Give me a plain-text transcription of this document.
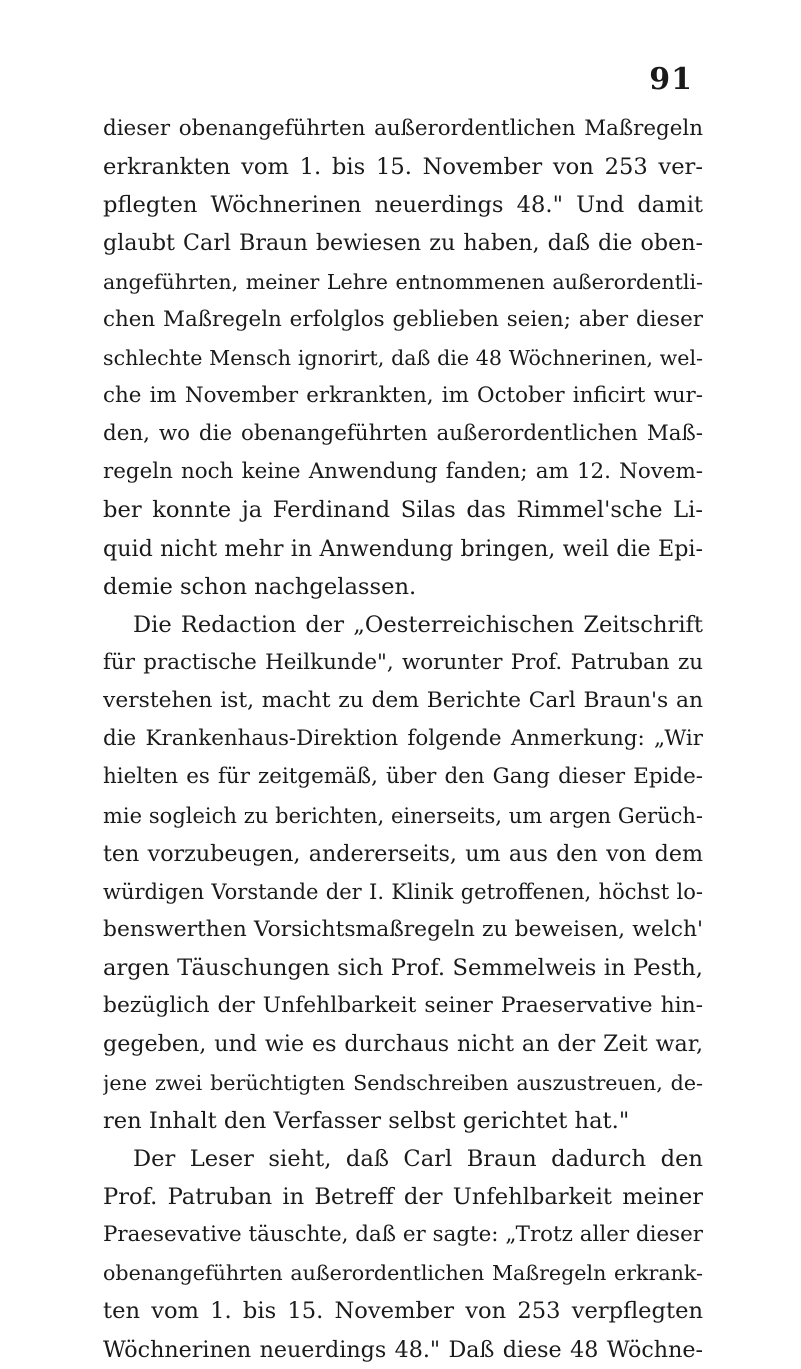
91
dieser obenangeführten außerordentlichen Maßregeln
erkrankten vom 1. bis 15. November von 253 ver-
pflegten Wöchnerinen neuerdings 48." Und damit
glaubt Carl Braun bewiesen zu haben, daß die oben-
angeführten, meiner Lehre entnommenen außerordentli-
chen Maßregeln erfolglos geblieben seien; aber dieser
schlechte Mensch ignorirt, daß die 48 Wöchnerinen, wel-
che im November erkrankten, im October inficirt wur-
den, wo die obenangeführten außerordentlichen Maß-
regeln noch keine Anwendung fanden; am 12. Novem-
ber konnte ja Ferdinand Silas das Rimmel'sche Li-
quid nicht mehr in Anwendung bringen, weil die Epi-
demie schon nachgelassen.
Die Redaction der „Oesterreichischen Zeitschrift
für practische Heilkunde", worunter Prof. Patruban zu
verstehen ist, macht zu dem Berichte Carl Braun's an
die Krankenhaus-Direktion folgende Anmerkung: „Wir
hielten es für zeitgemäß, über den Gang dieser Epide-
mie sogleich zu berichten, einerseits, um argen Gerüch-
ten vorzubeugen, andererseits, um aus den von dem
würdigen Vorstande der I. Klinik getroffenen, höchst lo-
benswerthen Vorsichtsmaßregeln zu beweisen, welch'
argen Täuschungen sich Prof. Semmelweis in Pesth,
bezüglich der Unfehlbarkeit seiner Praeservative hin-
gegeben, und wie es durchaus nicht an der Zeit war,
jene zwei berüchtigten Sendschreiben auszustreuen, de-
ren Inhalt den Verfasser selbst gerichtet hat."
Der Leser sieht, daß Carl Braun dadurch den
Prof. Patruban in Betreff der Unfehlbarkeit meiner
Praesevative täuschte, daß er sagte: „Trotz aller dieser
obenangeführten außerordentlichen Maßregeln erkrank-
ten vom 1. bis 15. November von 253 verpflegten
Wöchnerinen neuerdings 48." Daß diese 48 Wöchne-
